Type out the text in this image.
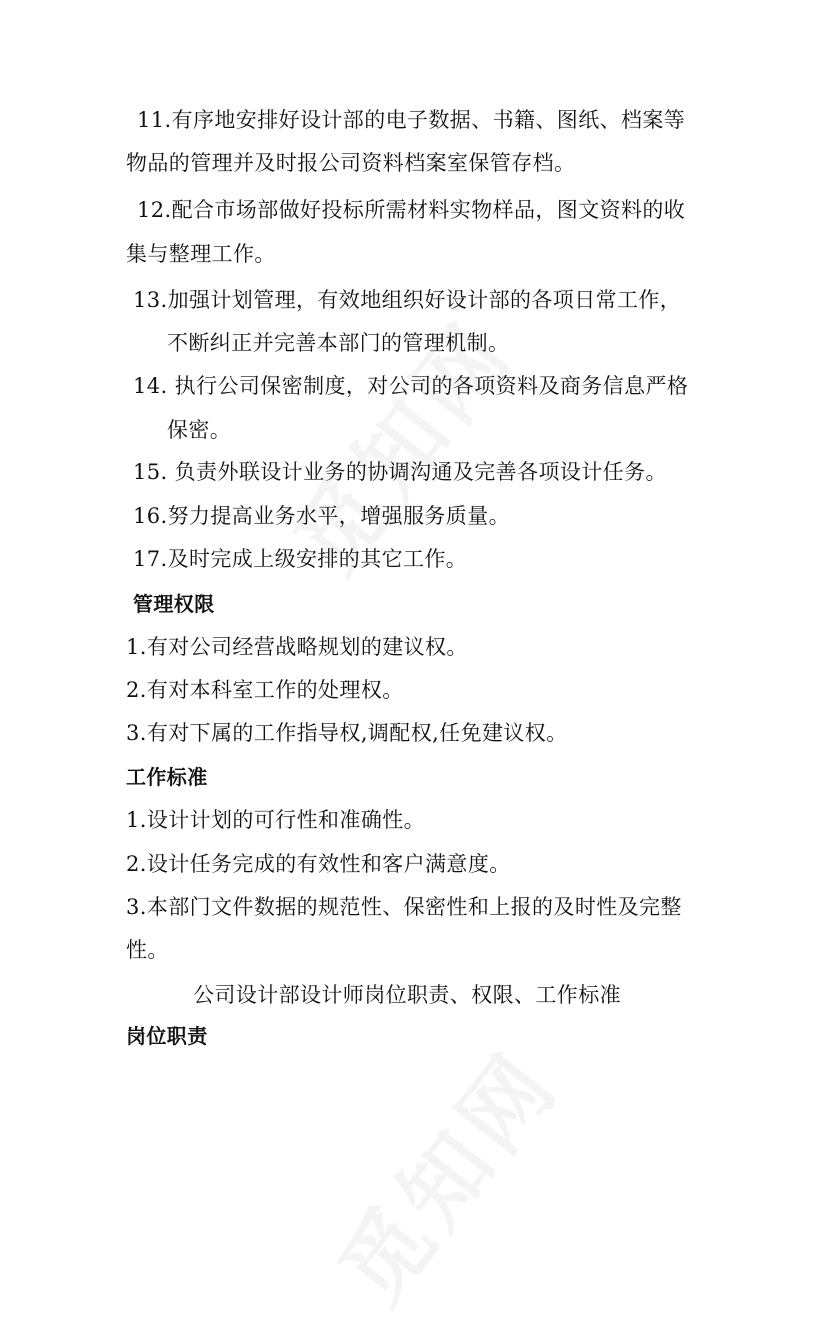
11.有序地安排好设计部的电子数据、书籍、图纸、档案等
物品的管理并及时报公司资料档案室保管存档。
12.配合市场部做好投标所需材料实物样品，图文资料的收
集与整理工作。
13.加强计划管理，有效地组织好设计部的各项日常工作，
不断纠正并完善本部门的管理机制。
14. 执行公司保密制度，对公司的各项资料及商务信息严格
保密。
15. 负责外联设计业务的协调沟通及完善各项设计任务。
16.努力提高业务水平，增强服务质量。
17.及时完成上级安排的其它工作。
管理权限
1.有对公司经营战略规划的建议权。
2.有对本科室工作的处理权。
3.有对下属的工作指导权,调配权,任免建议权。
工作标准
1.设计计划的可行性和准确性。
2.设计任务完成的有效性和客户满意度。
3.本部门文件数据的规范性、保密性和上报的及时性及完整
性。
公司设计部设计师岗位职责、权限、工作标准
岗位职责
